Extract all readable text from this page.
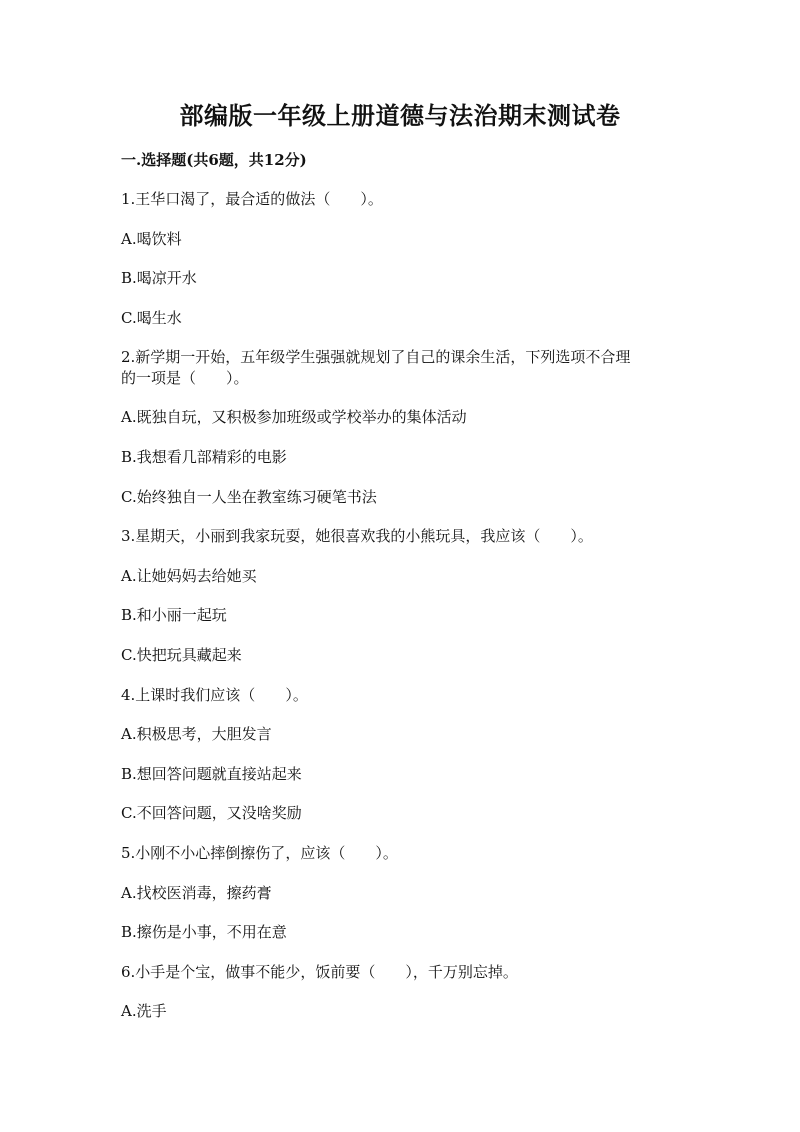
部编版一年级上册道德与法治期末测试卷
一.选择题(共6题，共12分)
1.王华口渴了，最合适的做法（　　）。
A.喝饮料
B.喝凉开水
C.喝生水
2.新学期一开始，五年级学生强强就规划了自己的课余生活，下列选项不合理
的一项是（　　）。
A.既独自玩，又积极参加班级或学校举办的集体活动
B.我想看几部精彩的电影
C.始终独自一人坐在教室练习硬笔书法
3.星期天，小丽到我家玩耍，她很喜欢我的小熊玩具，我应该（　　）。
A.让她妈妈去给她买
B.和小丽一起玩
C.快把玩具藏起来
4.上课时我们应该（　　）。
A.积极思考，大胆发言
B.想回答问题就直接站起来
C.不回答问题，又没啥奖励
5.小刚不小心摔倒擦伤了，应该（　　）。
A.找校医消毒，擦药膏
B.擦伤是小事，不用在意
6.小手是个宝，做事不能少，饭前要（　　），千万别忘掉。
A.洗手
